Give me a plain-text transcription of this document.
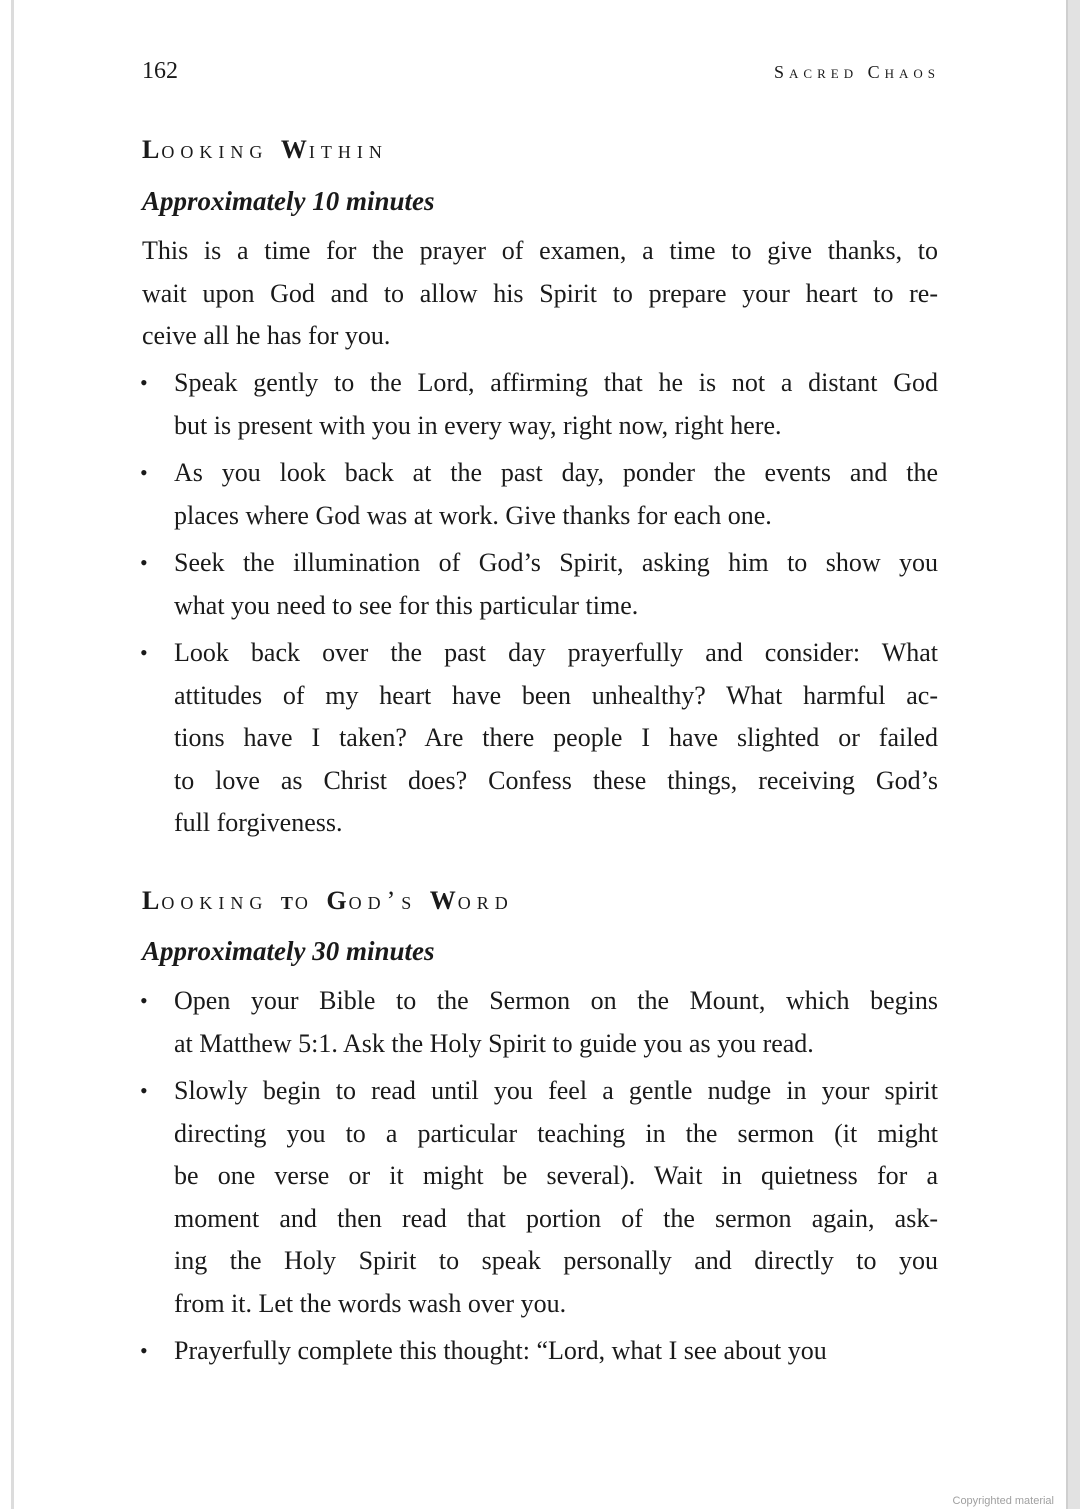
162	Sacred Chaos
Looking Within
Approximately 10 minutes
This is a time for the prayer of examen, a time to give thanks, to
wait upon God and to allow his Spirit to prepare your heart to re-
ceive all he has for you.
• Speak gently to the Lord, affirming that he is not a distant God
but is present with you in every way, right now, right here.
• As you look back at the past day, ponder the events and the
places where God was at work. Give thanks for each one.
• Seek the illumination of God’s Spirit, asking him to show you
what you need to see for this particular time.
• Look back over the past day prayerfully and consider: What
attitudes of my heart have been unhealthy? What harmful ac-
tions have I taken? Are there people I have slighted or failed
to love as Christ does? Confess these things, receiving God’s
full forgiveness.
Looking to God’s Word
Approximately 30 minutes
• Open your Bible to the Sermon on the Mount, which begins
at Matthew 5:1. Ask the Holy Spirit to guide you as you read.
• Slowly begin to read until you feel a gentle nudge in your spirit
directing you to a particular teaching in the sermon (it might
be one verse or it might be several). Wait in quietness for a
moment and then read that portion of the sermon again, ask-
ing the Holy Spirit to speak personally and directly to you
from it. Let the words wash over you.
• Prayerfully complete this thought: “Lord, what I see about you
Copyrighted material
